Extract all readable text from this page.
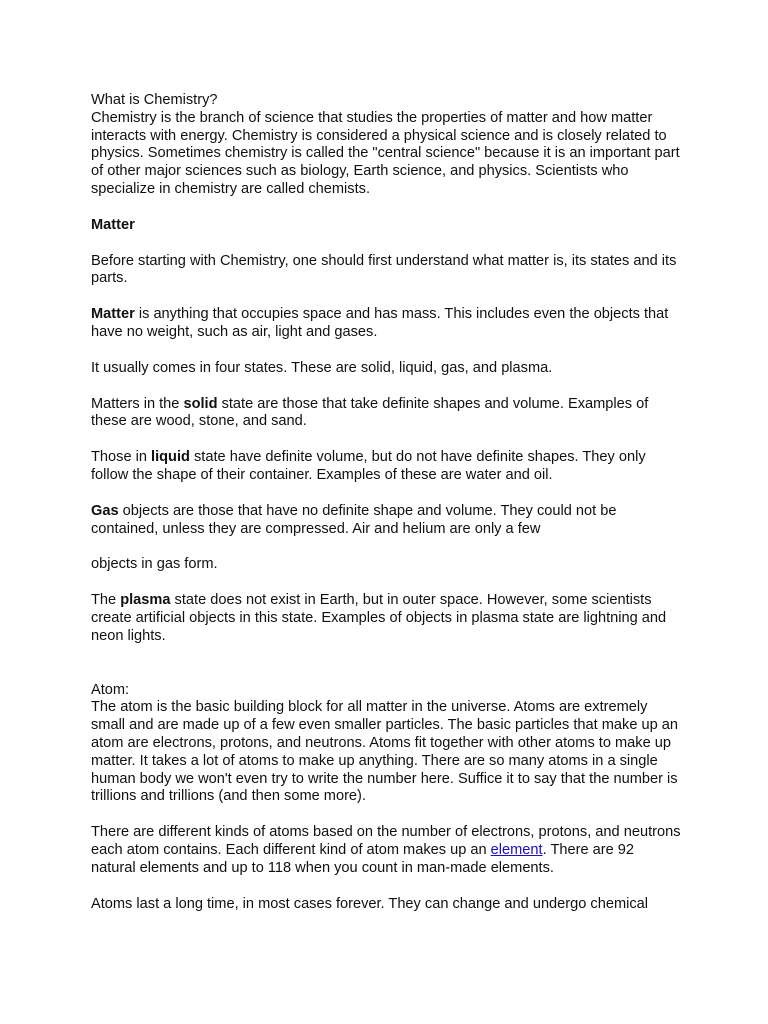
What is Chemistry?

Chemistry is the branch of science that studies the properties of matter and how matter interacts with energy. Chemistry is considered a physical science and is closely related to physics. Sometimes chemistry is called the "central science" because it is an important part of other major sciences such as biology, Earth science, and physics. Scientists who specialize in chemistry are called chemists.

Matter

Before starting with Chemistry, one should first understand what matter is, its states and its parts.

Matter is anything that occupies space and has mass. This includes even the objects that have no weight, such as air, light and gases.

It usually comes in four states. These are solid, liquid, gas, and plasma.

Matters in the solid state are those that take definite shapes and volume. Examples of these are wood, stone, and sand.

Those in liquid state have definite volume, but do not have definite shapes. They only follow the shape of their container. Examples of these are water and oil.

Gas objects are those that have no definite shape and volume. They could not be contained, unless they are compressed. Air and helium are only a few

objects in gas form.

The plasma state does not exist in Earth, but in outer space. However, some scientists create artificial objects in this state. Examples of objects in plasma state are lightning and neon lights.

Atom:

The atom is the basic building block for all matter in the universe. Atoms are extremely small and are made up of a few even smaller particles. The basic particles that make up an atom are electrons, protons, and neutrons. Atoms fit together with other atoms to make up matter. It takes a lot of atoms to make up anything. There are so many atoms in a single human body we won't even try to write the number here. Suffice it to say that the number is trillions and trillions (and then some more).

There are different kinds of atoms based on the number of electrons, protons, and neutrons each atom contains. Each different kind of atom makes up an element. There are 92 natural elements and up to 118 when you count in man-made elements.

Atoms last a long time, in most cases forever. They can change and undergo chemical
